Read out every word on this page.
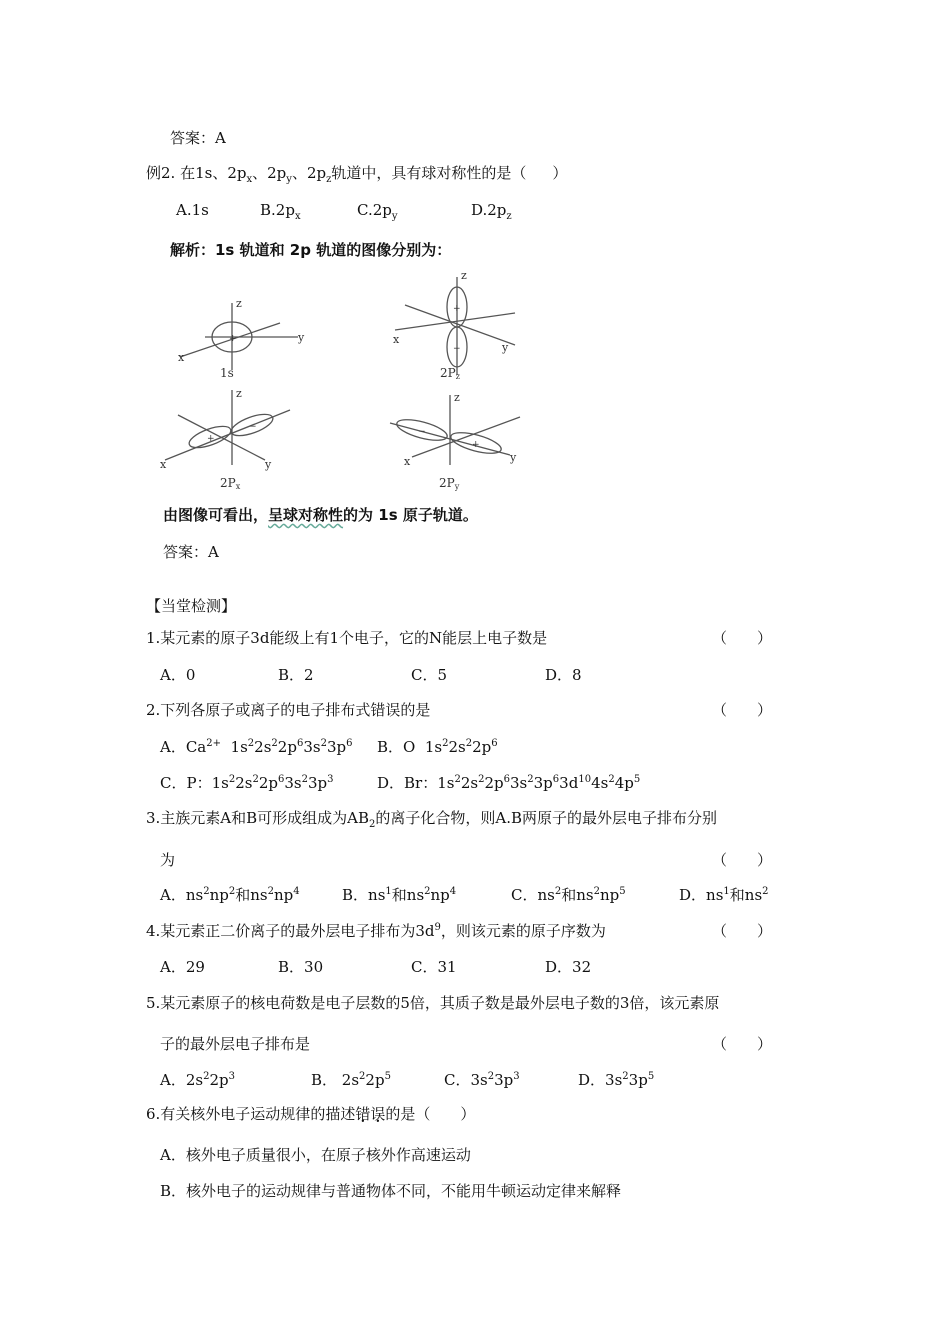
答案：A
例2. 在1s、$2p_x$、$2p_y$、$2p_z$轨道中，具有球对称性的是（ ）
A.1s	$B.2p_x$	$C.2p_y$	$D.2p_z$
解析：1s 轨道和 2p 轨道的图像分别为：
z
y
x
+
1s
z
y
x
+
−
2Pz
z
y
x
+
−
2Px
z
y
x
−
+
2Py
由图像可看出，呈球对称性的为 1s 原子轨道。
答案：A
【当堂检测】
1.某元素的原子3d能级上有1个电子，它的N能层上电子数是	（　　）
A．0	B．2	C．5	D．8
2.下列各原子或离子的电子排布式错误的是	（　　）
A．$Ca^{2+}$  $1s^22s^22p^63s^23p^6$ B．O  $1s^22s^22p^6$
C．P：$1s^22s^22p^63s^23p^3$	D．Br：$1s^22s^22p^63s^23p^63d^{10}4s^24p^5$
3.主族元素A和B可形成组成为$AB_2$的离子化合物，则A.B两原子的最外层电子排布分别
为	（　　）
A．$ns^2np^2$和$ns^2np^4$	B．$ns^1$和$ns^2np^4$	C．$ns^2$和$ns^2np^5$	D．$ns^1$和$ns^2$
4.某元素正二价离子的最外层电子排布为$3d^9$，则该元素的原子序数为	（　　）
A．29	B．30	C．31	D．32
5.某元素原子的核电荷数是电子层数的5倍，其质子数是最外层电子数的3倍，该元素原
子的最外层电子排布是	（　　）
A．$2s^22p^3$	B． $2s^22p^5$	C．$3s^23p^3$	D．$3s^23p^5$
6.有关核外电子运动规律的描述错误的是（　　）
A．核外电子质量很小，在原子核外作高速运动
B．核外电子的运动规律与普通物体不同，不能用牛顿运动定律来解释
